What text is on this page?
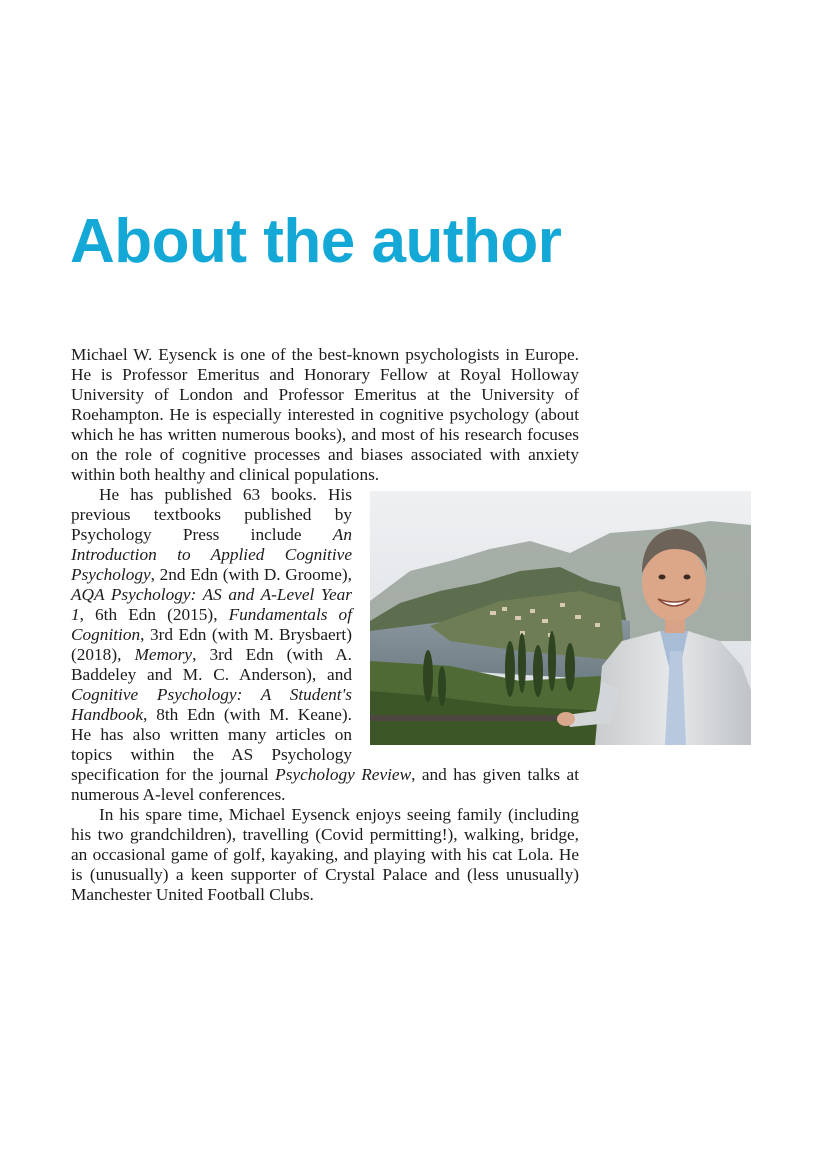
About the author

Michael W. Eysenck is one of the best-known psychologists in Europe. He is Professor Emeritus and Honorary Fellow at Royal Holloway University of London and Professor Emeritus at the University of Roehampton. He is especially interested in cognitive psychology (about which he has written numerous books), and most of his research focuses on the role of cognitive processes and biases associated with anxiety within both healthy and clinical populations.

He has published 63 books. His previous textbooks published by Psychology Press include An Introduction to Applied Cognitive Psychology, 2nd Edn (with D. Groome), AQA Psychology: AS and A-Level Year 1, 6th Edn (2015), Fundamentals of Cognition, 3rd Edn (with M. Brysbaert) (2018), Memory, 3rd Edn (with A. Baddeley and M. C. Anderson), and Cognitive Psychology: A Student's Handbook, 8th Edn (with M. Keane). He has also written many articles on topics within the AS Psychology specification for the journal Psychology Review, and has given talks at numerous A-level conferences.

In his spare time, Michael Eysenck enjoys seeing family (including his two grandchildren), travelling (Covid permitting!), walking, bridge, an occasional game of golf, kayaking, and playing with his cat Lola. He is (unusually) a keen supporter of Crystal Palace and (less unusually) Manchester United Football Clubs.
